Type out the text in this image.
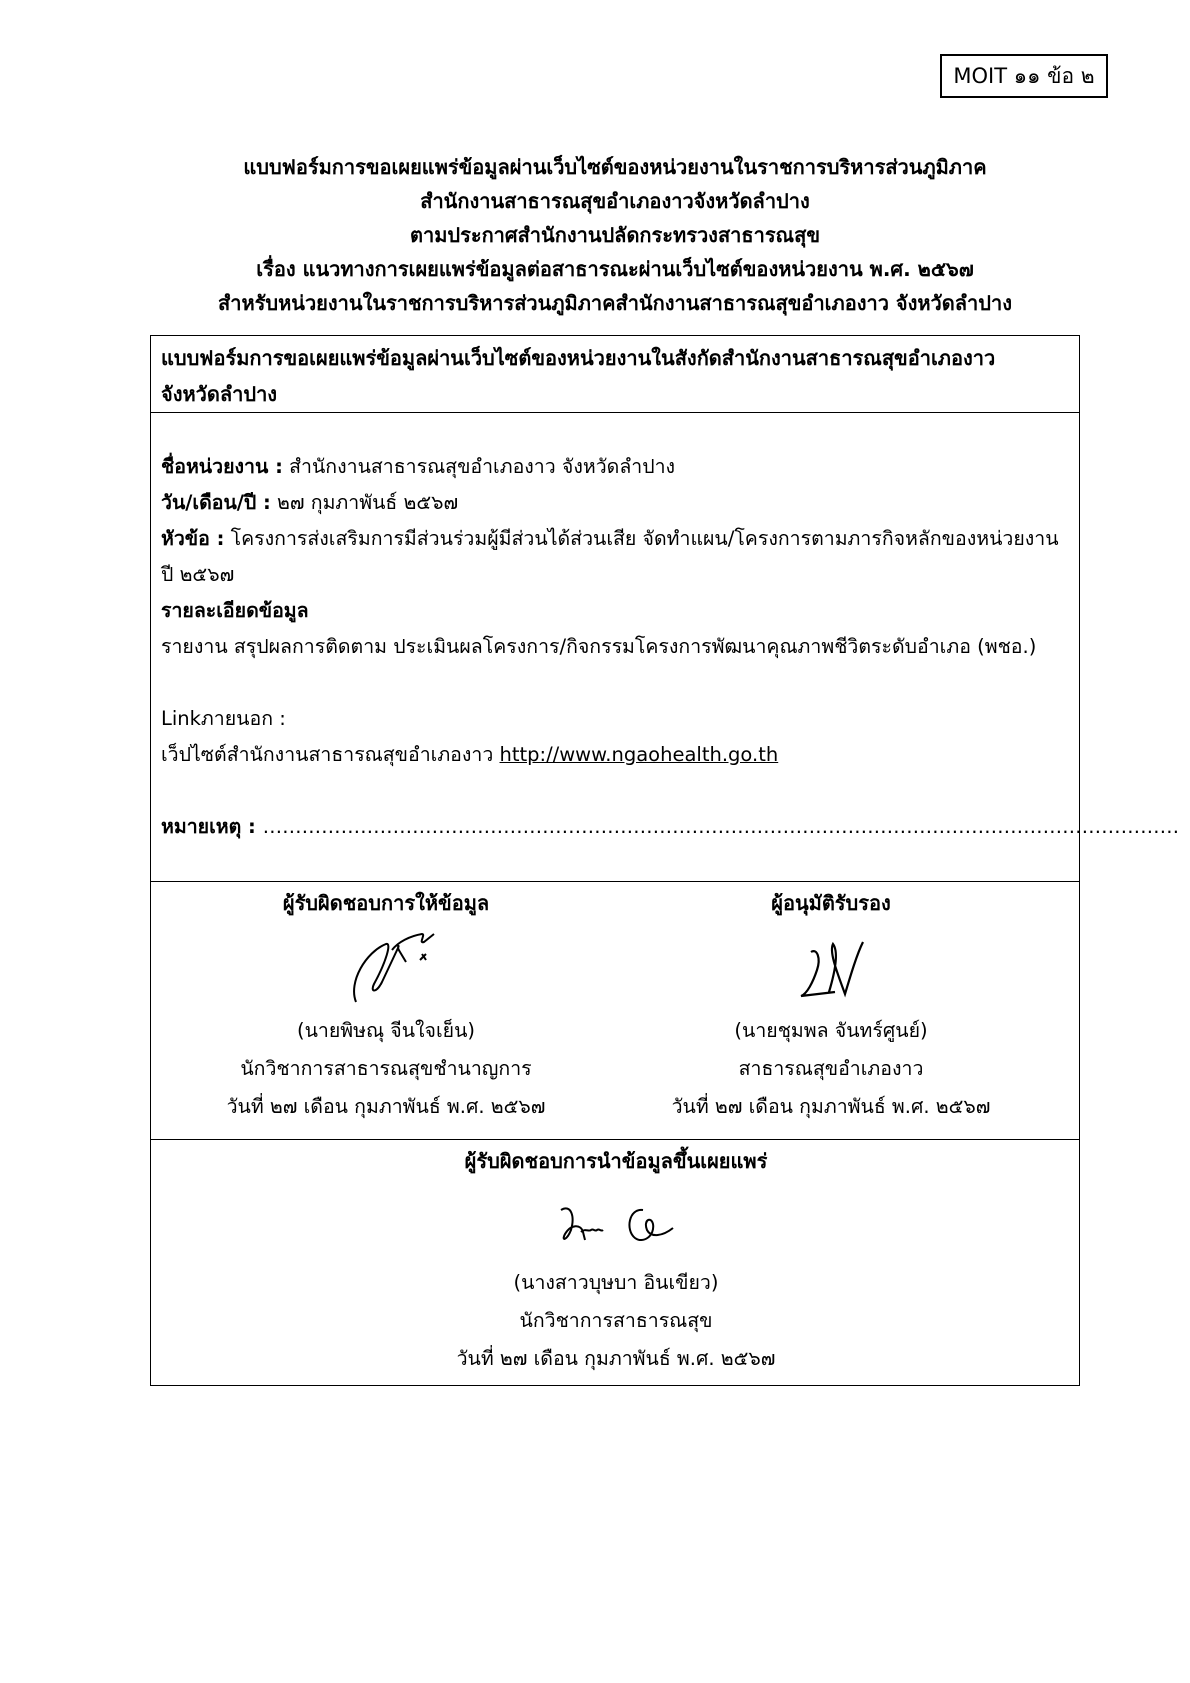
MOIT ๑๑ ข้อ ๒
แบบฟอร์มการขอเผยแพร่ข้อมูลผ่านเว็บไซต์ของหน่วยงานในราชการบริหารส่วนภูมิภาค
สำนักงานสาธารณสุขอำเภองาวจังหวัดลำปาง
ตามประกาศสำนักงานปลัดกระทรวงสาธารณสุข
เรื่อง แนวทางการเผยแพร่ข้อมูลต่อสาธารณะผ่านเว็บไซต์ของหน่วยงาน พ.ศ. ๒๕๖๗
สำหรับหน่วยงานในราชการบริหารส่วนภูมิภาคสำนักงานสาธารณสุขอำเภองาว จังหวัดลำปาง
แบบฟอร์มการขอเผยแพร่ข้อมูลผ่านเว็บไซต์ของหน่วยงานในสังกัดสำนักงานสาธารณสุขอำเภองาว
จังหวัดลำปาง
ชื่อหน่วยงาน : สำนักงานสาธารณสุขอำเภองาว จังหวัดลำปาง
วัน/เดือน/ปี : ๒๗ กุมภาพันธ์ ๒๕๖๗
หัวข้อ : โครงการส่งเสริมการมีส่วนร่วมผู้มีส่วนได้ส่วนเสีย จัดทำแผน/โครงการตามภารกิจหลักของหน่วยงาน
ปี ๒๕๖๗
รายละเอียดข้อมูล
รายงาน สรุปผลการติดตาม ประเมินผลโครงการ/กิจกรรมโครงการพัฒนาคุณภาพชีวิตระดับอำเภอ (พชอ.)
Linkภายนอก :
เว็ปไซต์สำนักงานสาธารณสุขอำเภองาว http://www.ngaohealth.go.th
หมายเหตุ : ……………………………………………………………………………………………………………………………
ผู้รับผิดชอบการให้ข้อมูล
(นายพิษณุ จีนใจเย็น)
นักวิชาการสาธารณสุขชำนาญการ
วันที่ ๒๗ เดือน กุมภาพันธ์ พ.ศ. ๒๕๖๗
ผู้อนุมัติรับรอง
(นายชุมพล จันทร์ศูนย์)
สาธารณสุขอำเภองาว
วันที่ ๒๗ เดือน กุมภาพันธ์ พ.ศ. ๒๕๖๗
ผู้รับผิดชอบการนำข้อมูลขึ้นเผยแพร่
(นางสาวบุษบา อินเขียว)
นักวิชาการสาธารณสุข
วันที่ ๒๗ เดือน กุมภาพันธ์ พ.ศ. ๒๕๖๗
